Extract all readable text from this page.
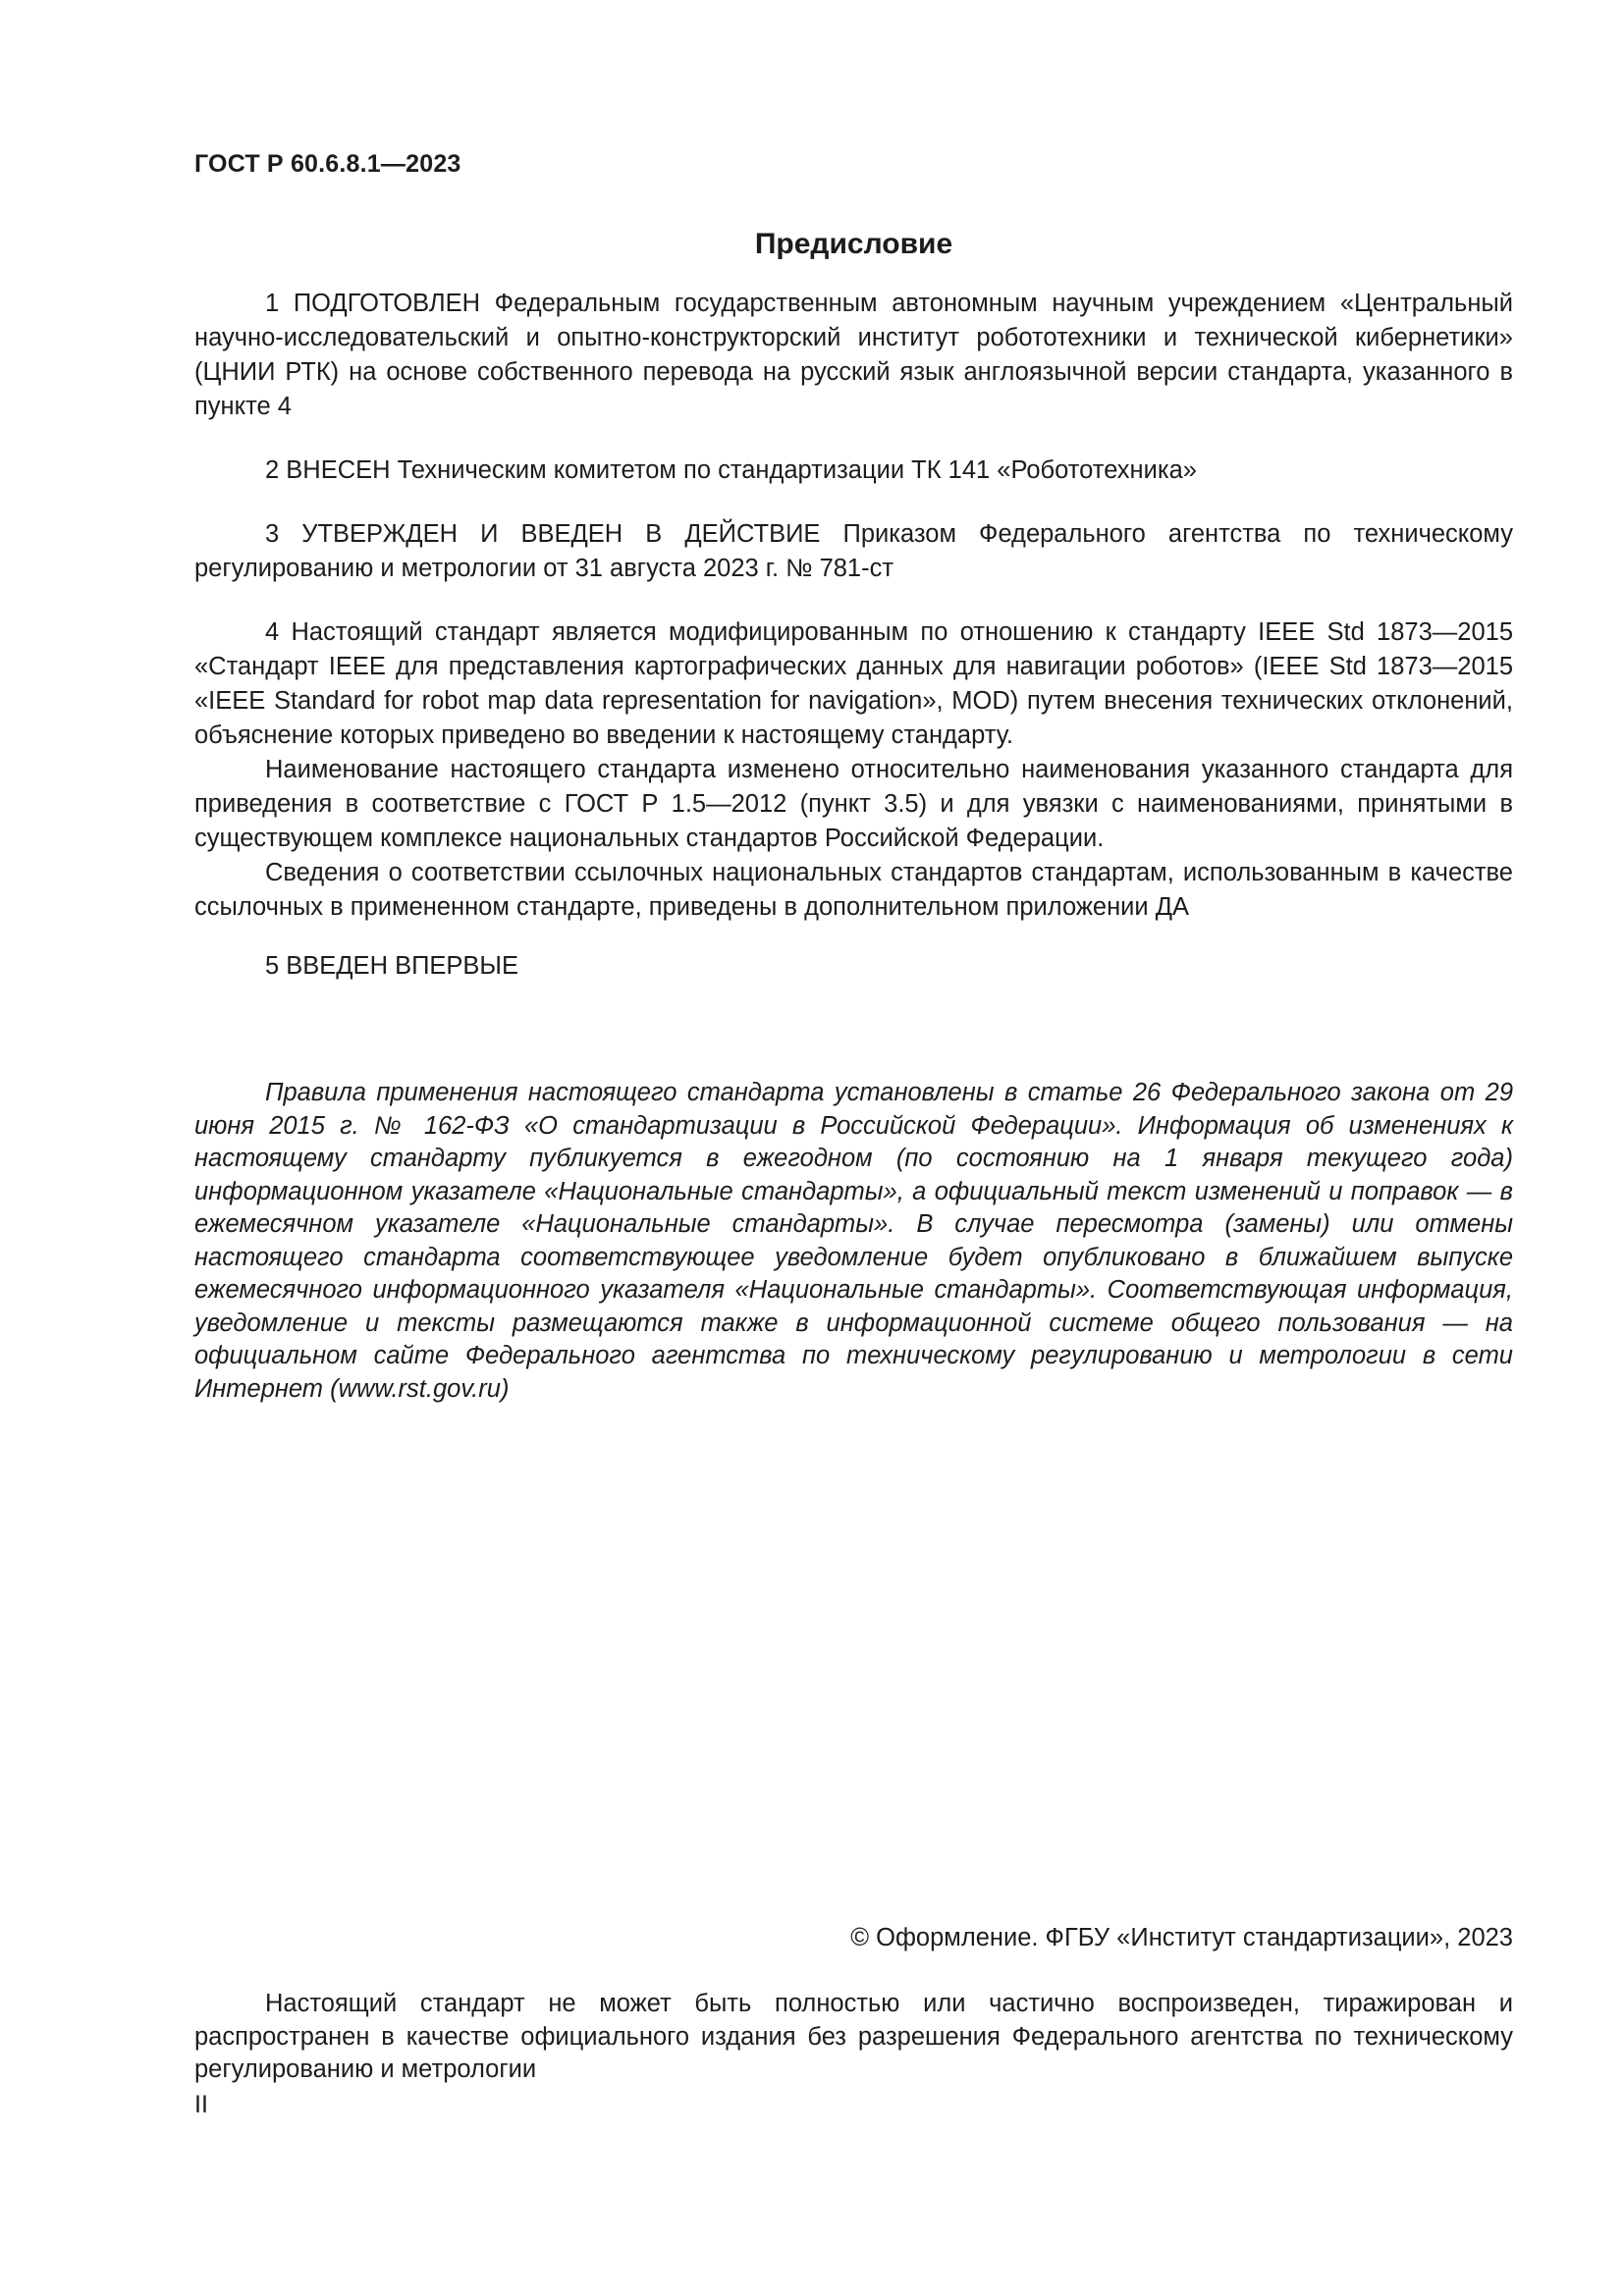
ГОСТ Р 60.6.8.1—2023
Предисловие

1 ПОДГОТОВЛЕН Федеральным государственным автономным научным учреждением «Центральный научно-исследовательский и опытно-конструкторский институт робототехники и технической кибернетики» (ЦНИИ РТК) на основе собственного перевода на русский язык англоязычной версии стандарта, указанного в пункте 4

2 ВНЕСЕН Техническим комитетом по стандартизации ТК 141 «Робототехника»

3 УТВЕРЖДЕН И ВВЕДЕН В ДЕЙСТВИЕ Приказом Федерального агентства по техническому регулированию и метрологии от 31 августа 2023 г. № 781-ст

4 Настоящий стандарт является модифицированным по отношению к стандарту IEEE Std 1873—2015 «Стандарт IEEE для представления картографических данных для навигации роботов» (IEEE Std 1873—2015 «IEEE Standard for robot map data representation for navigation», MOD) путем внесения технических отклонений, объяснение которых приведено во введении к настоящему стандарту.

Наименование настоящего стандарта изменено относительно наименования указанного стандарта для приведения в соответствие с ГОСТ Р 1.5—2012 (пункт 3.5) и для увязки с наименованиями, принятыми в существующем комплексе национальных стандартов Российской Федерации.

Сведения о соответствии ссылочных национальных стандартов стандартам, использованным в качестве ссылочных в примененном стандарте, приведены в дополнительном приложении ДА

5 ВВЕДЕН ВПЕРВЫЕ

Правила применения настоящего стандарта установлены в статье 26 Федерального закона от 29 июня 2015 г. № 162-ФЗ «О стандартизации в Российской Федерации». Информация об изменениях к настоящему стандарту публикуется в ежегодном (по состоянию на 1 января текущего года) информационном указателе «Национальные стандарты», а официальный текст изменений и поправок — в ежемесячном указателе «Национальные стандарты». В случае пересмотра (замены) или отмены настоящего стандарта соответствующее уведомление будет опубликовано в ближайшем выпуске ежемесячного информационного указателя «Национальные стандарты». Соответствующая информация, уведомление и тексты размещаются также в информационной системе общего пользования — на официальном сайте Федерального агентства по техническому регулированию и метрологии в сети Интернет (www.rst.gov.ru)

© Оформление. ФГБУ «Институт стандартизации», 2023

Настоящий стандарт не может быть полностью или частично воспроизведен, тиражирован и распространен в качестве официального издания без разрешения Федерального агентства по техническому регулированию и метрологии

II
